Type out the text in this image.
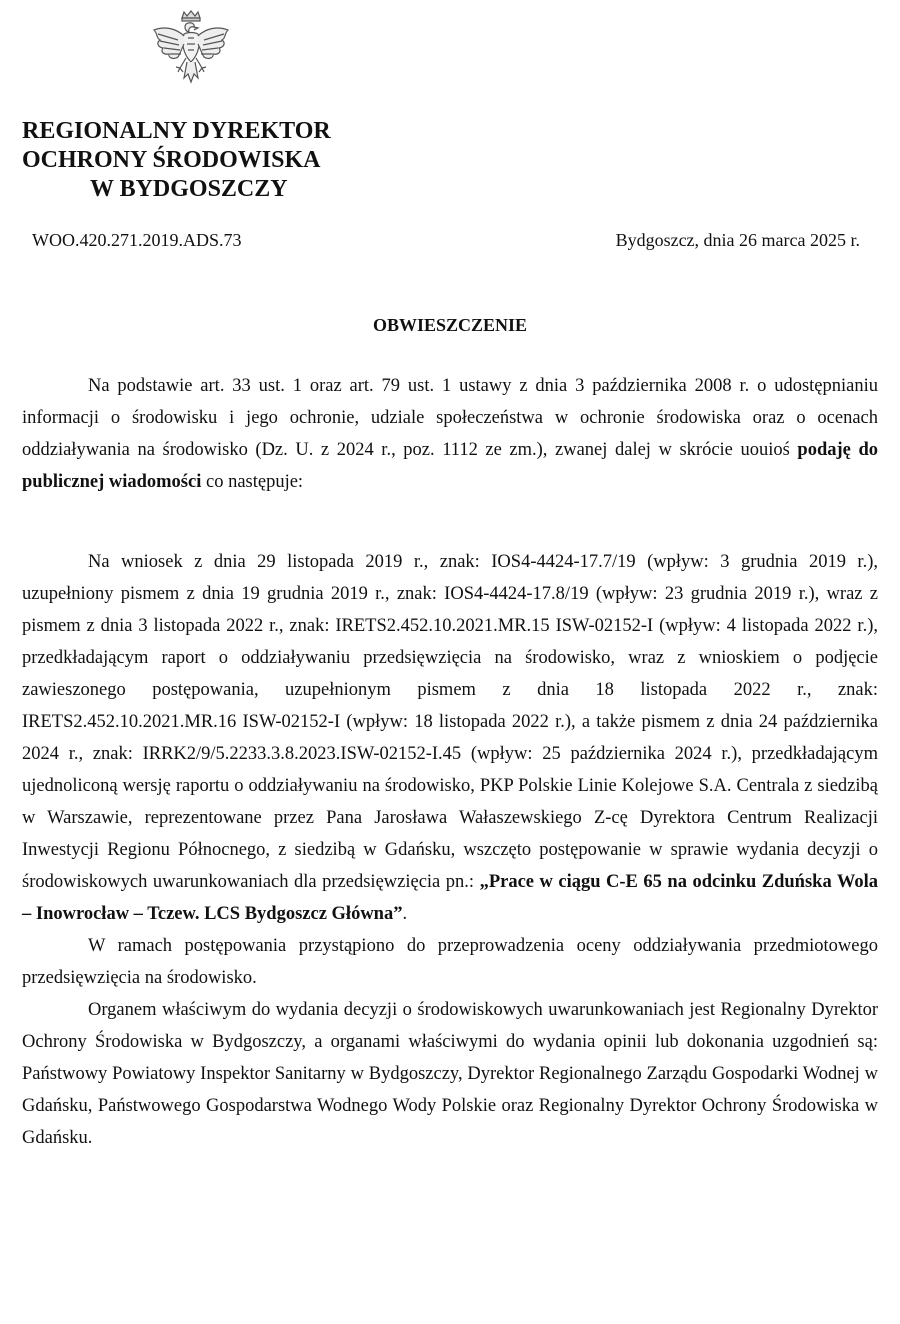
REGIONALNY DYREKTOR
OCHRONY ŚRODOWISKA
W BYDGOSZCZY
WOO.420.271.2019.ADS.73	Bydgoszcz, dnia 26 marca 2025 r.
OBWIESZCZENIE

Na podstawie art. 33 ust. 1 oraz art. 79 ust. 1 ustawy z dnia 3 października 2008 r. o udostępnianiu informacji o środowisku i jego ochronie, udziale społeczeństwa w ochronie środowiska oraz o ocenach oddziaływania na środowisko (Dz. U. z 2024 r., poz. 1112 ze zm.), zwanej dalej w skrócie uouioś podaję do publicznej wiadomości co następuje:

Na wniosek z dnia 29 listopada 2019 r., znak: IOS4-4424-17.7/19 (wpływ: 3 grudnia 2019 r.), uzupełniony pismem z dnia 19 grudnia 2019 r., znak: IOS4-4424-17.8/19 (wpływ: 23 grudnia 2019 r.), wraz z pismem z dnia 3 listopada 2022 r., znak: IRETS2.452.10.2021.MR.15 ISW-02152-I (wpływ: 4 listopada 2022 r.), przedkładającym raport o oddziaływaniu przedsięwzięcia na środowisko, wraz z wnioskiem o podjęcie zawieszonego postępowania, uzupełnionym pismem z dnia 18 listopada 2022 r., znak: IRETS2.452.10.2021.MR.16 ISW-02152-I (wpływ: 18 listopada 2022 r.), a także pismem z dnia 24 października 2024 r., znak: IRRK2/9/5.2233.3.8.2023.ISW-02152-I.45 (wpływ: 25 października 2024 r.), przedkładającym ujednoliconą wersję raportu o oddziaływaniu na środowisko, PKP Polskie Linie Kolejowe S.A. Centrala z siedzibą w Warszawie, reprezentowane przez Pana Jarosława Wałaszewskiego Z-cę Dyrektora Centrum Realizacji Inwestycji Regionu Północnego, z siedzibą w Gdańsku, wszczęto postępowanie w sprawie wydania decyzji o środowiskowych uwarunkowaniach dla przedsięwzięcia pn.: „Prace w ciągu C-E 65 na odcinku Zduńska Wola – Inowrocław – Tczew. LCS Bydgoszcz Główna”.

W ramach postępowania przystąpiono do przeprowadzenia oceny oddziaływania przedmiotowego przedsięwzięcia na środowisko.

Organem właściwym do wydania decyzji o środowiskowych uwarunkowaniach jest Regionalny Dyrektor Ochrony Środowiska w Bydgoszczy, a organami właściwymi do wydania opinii lub dokonania uzgodnień są: Państwowy Powiatowy Inspektor Sanitarny w Bydgoszczy, Dyrektor Regionalnego Zarządu Gospodarki Wodnej w Gdańsku, Państwowego Gospodarstwa Wodnego Wody Polskie oraz Regionalny Dyrektor Ochrony Środowiska w Gdańsku.
